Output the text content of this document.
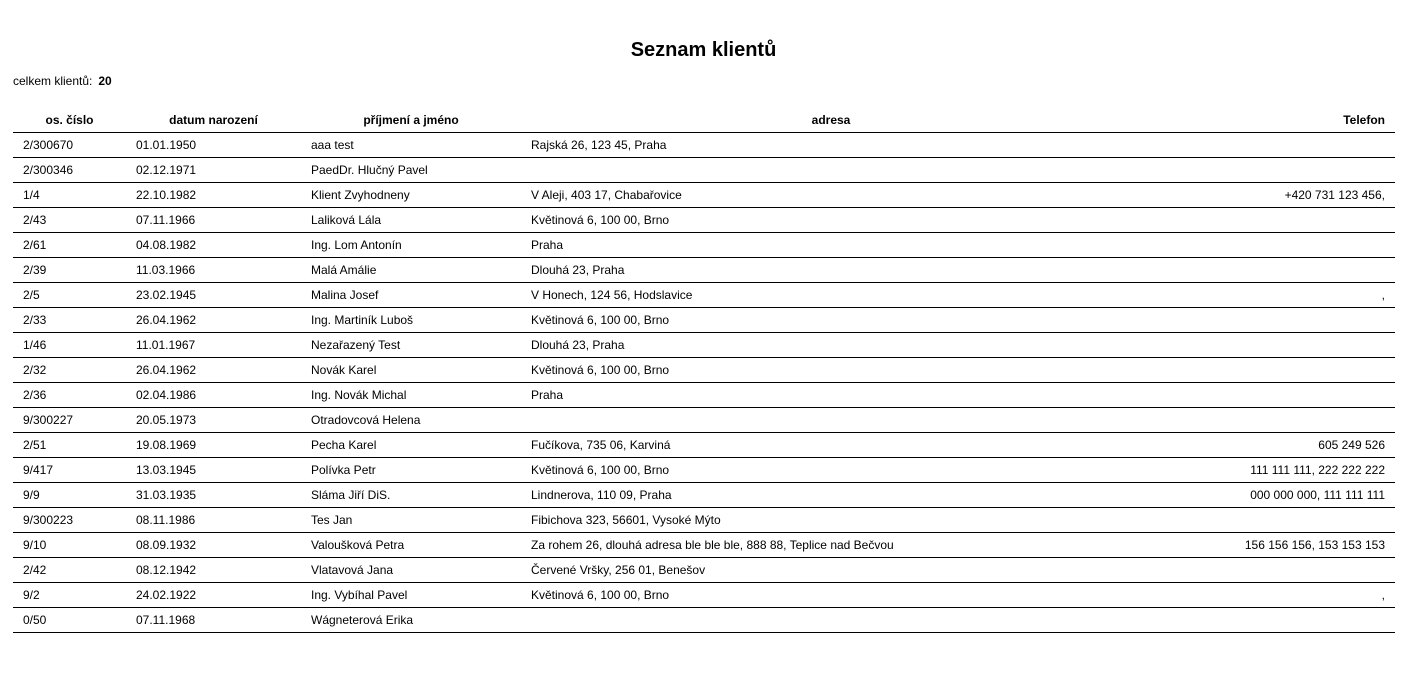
Seznam klientů
celkem klientů: 20
os. číslo	datum narození	příjmení a jméno	adresa	Telefon
2/300670	01.01.1950	aaa test	Rajská 26, 123 45, Praha	
2/300346	02.12.1971	PaedDr. Hlučný Pavel		
1/4	22.10.1982	Klient Zvyhodneny	V Aleji, 403 17, Chabařovice	+420 731 123 456,
2/43	07.11.1966	Laliková Lála	Květinová 6, 100 00, Brno	
2/61	04.08.1982	Ing. Lom Antonín	Praha	
2/39	11.03.1966	Malá Amálie	Dlouhá 23, Praha	
2/5	23.02.1945	Malina Josef	V Honech, 124 56, Hodslavice	,
2/33	26.04.1962	Ing. Martiník Luboš	Květinová 6, 100 00, Brno	
1/46	11.01.1967	Nezařazený Test	Dlouhá 23, Praha	
2/32	26.04.1962	Novák Karel	Květinová 6, 100 00, Brno	
2/36	02.04.1986	Ing. Novák Michal	Praha	
9/300227	20.05.1973	Otradovcová Helena		
2/51	19.08.1969	Pecha Karel	Fučíkova, 735 06, Karviná	605 249 526
9/417	13.03.1945	Polívka Petr	Květinová 6, 100 00, Brno	111 111 111, 222 222 222
9/9	31.03.1935	Sláma Jiří DiS.	Lindnerova, 110 09, Praha	000 000 000, 111 111 111
9/300223	08.11.1986	Tes Jan	Fibichova 323, 56601, Vysoké Mýto	
9/10	08.09.1932	Valoušková Petra	Za rohem 26, dlouhá adresa ble ble ble, 888 88, Teplice nad Bečvou	156 156 156, 153 153 153
2/42	08.12.1942	Vlatavová Jana	Červené Vršky, 256 01, Benešov	
9/2	24.02.1922	Ing. Vybíhal Pavel	Květinová 6, 100 00, Brno	,
0/50	07.11.1968	Wágneterová Erika		
